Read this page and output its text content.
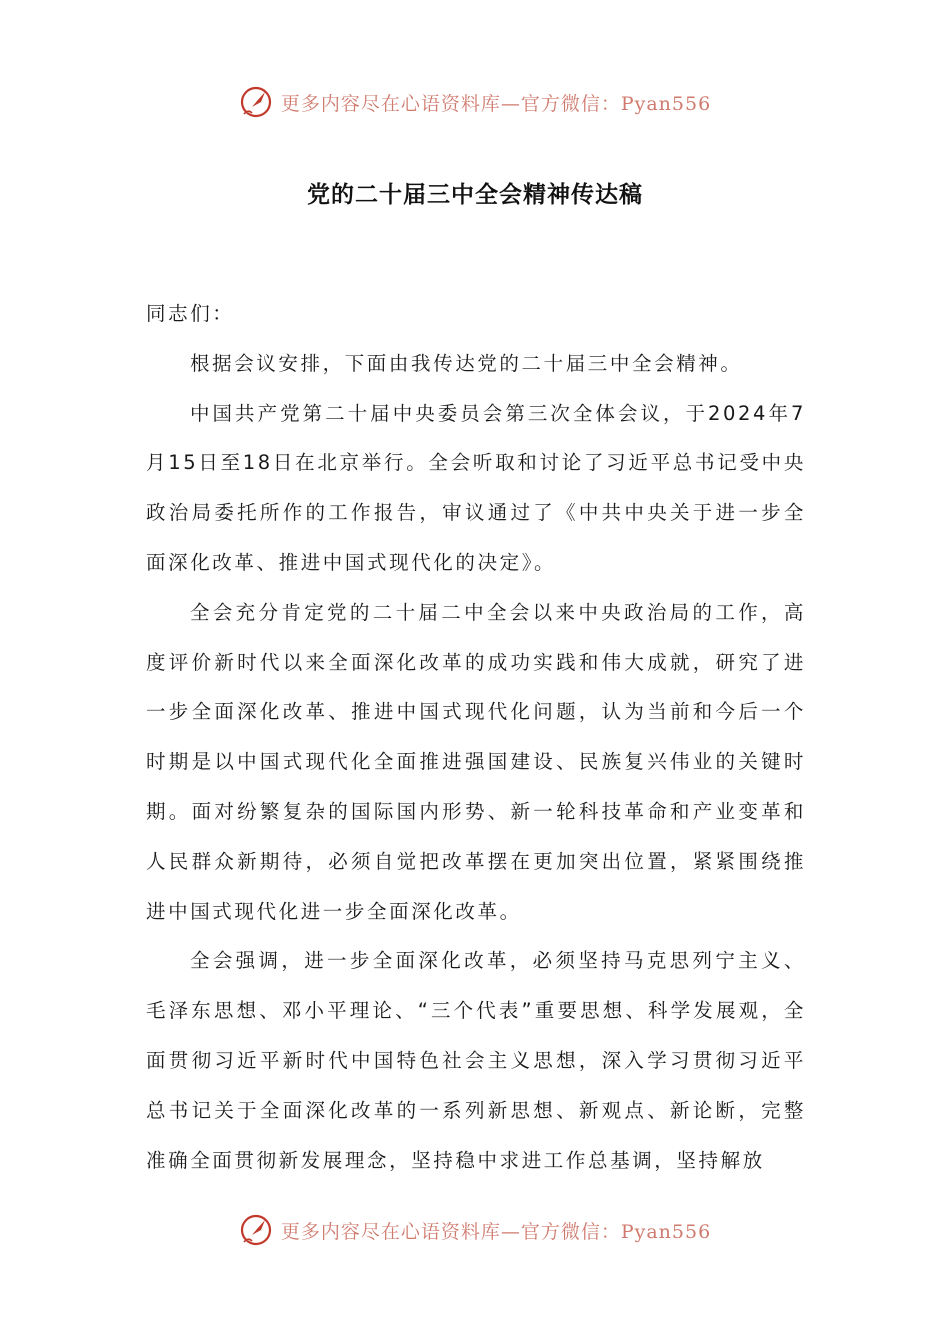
更多内容尽在心语资料库—官方微信：Pyan556
党的二十届三中全会精神传达稿

同志们：

根据会议安排，下面由我传达党的二十届三中全会精神。

中国共产党第二十届中央委员会第三次全体会议，于2024年7月15日至18日在北京举行。全会听取和讨论了习近平总书记受中央政治局委托所作的工作报告，审议通过了《中共中央关于进一步全面深化改革、推进中国式现代化的决定》。

全会充分肯定党的二十届二中全会以来中央政治局的工作，高度评价新时代以来全面深化改革的成功实践和伟大成就，研究了进一步全面深化改革、推进中国式现代化问题，认为当前和今后一个时期是以中国式现代化全面推进强国建设、民族复兴伟业的关键时期。面对纷繁复杂的国际国内形势、新一轮科技革命和产业变革和人民群众新期待，必须自觉把改革摆在更加突出位置，紧紧围绕推进中国式现代化进一步全面深化改革。

全会强调，进一步全面深化改革，必须坚持马克思列宁主义、毛泽东思想、邓小平理论、“三个代表”重要思想、科学发展观，全面贯彻习近平新时代中国特色社会主义思想，深入学习贯彻习近平总书记关于全面深化改革的一系列新思想、新观点、新论断，完整准确全面贯彻新发展理念，坚持稳中求进工作总基调，坚持解放

更多内容尽在心语资料库—官方微信：Pyan556
